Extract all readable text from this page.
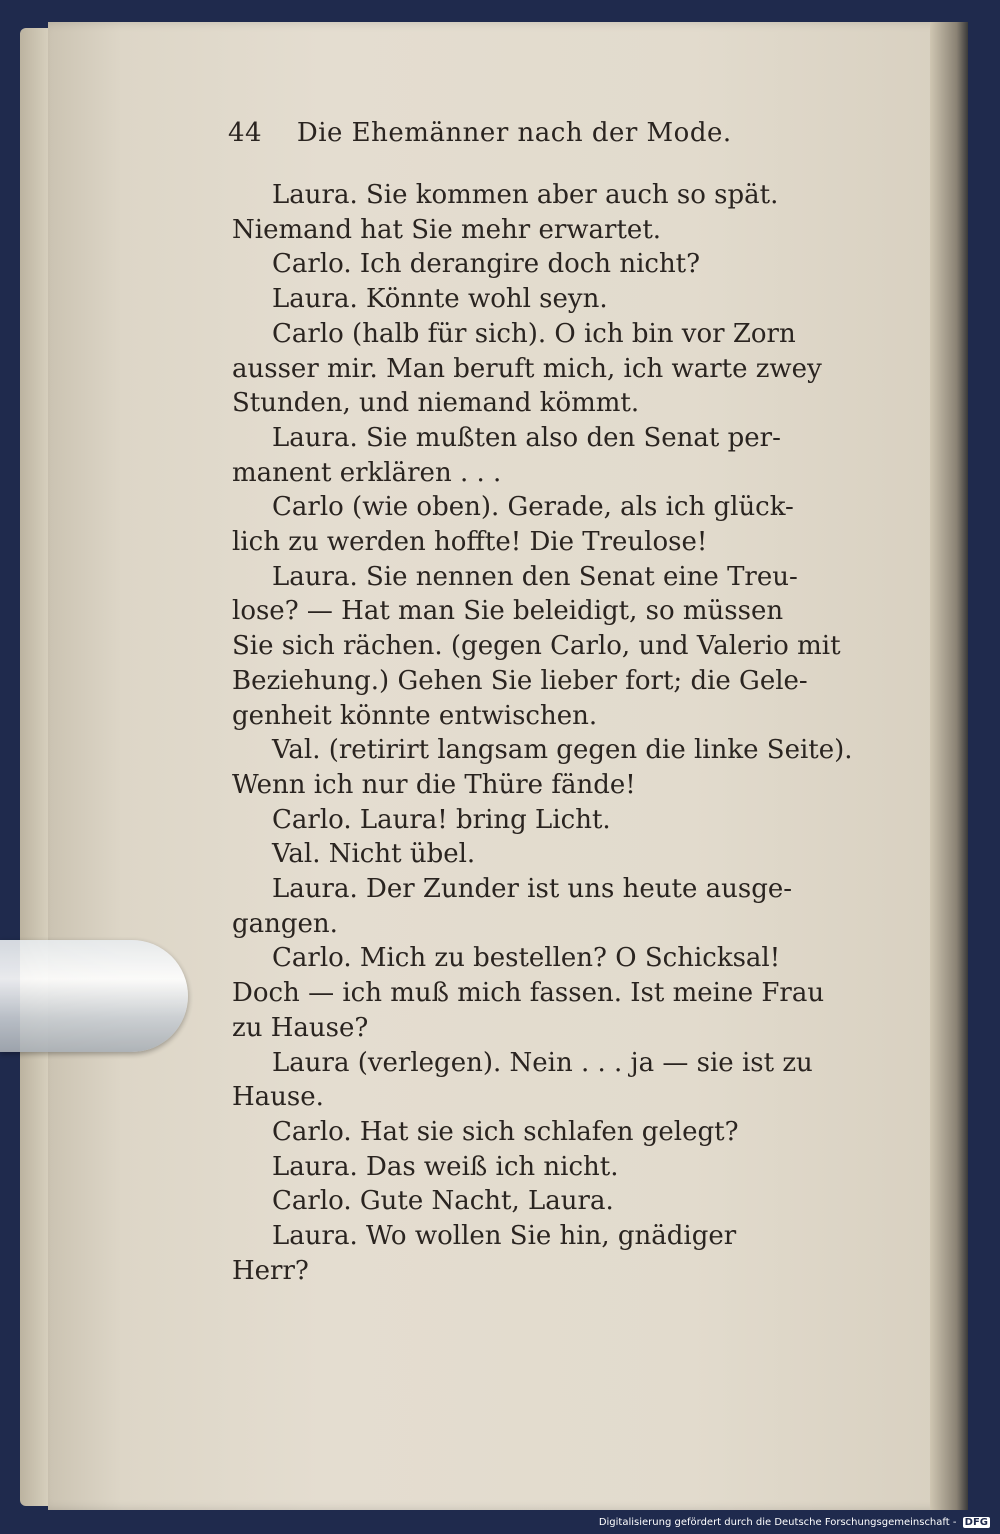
44 Die Ehemänner nach der Mode.
Laura. Sie kommen aber auch so spät.
Niemand hat Sie mehr erwartet.
Carlo. Ich derangire doch nicht?
Laura. Könnte wohl seyn.
Carlo (halb für sich). O ich bin vor Zorn
ausser mir. Man beruft mich, ich warte zwey
Stunden, und niemand kömmt.
Laura. Sie mußten also den Senat per-
manent erklären . . .
Carlo (wie oben). Gerade, als ich glück-
lich zu werden hoffte! Die Treulose!
Laura. Sie nennen den Senat eine Treu-
lose? — Hat man Sie beleidigt, so müssen
Sie sich rächen. (gegen Carlo, und Valerio mit
Beziehung.) Gehen Sie lieber fort; die Gele-
genheit könnte entwischen.
Val. (retirirt langsam gegen die linke Seite).
Wenn ich nur die Thüre fände!
Carlo. Laura! bring Licht.
Val. Nicht übel.
Laura. Der Zunder ist uns heute ausge-
gangen.
Carlo. Mich zu bestellen? O Schicksal!
Doch — ich muß mich fassen. Ist meine Frau
zu Hause?
Laura (verlegen). Nein . . . ja — sie ist zu
Hause.
Carlo. Hat sie sich schlafen gelegt?
Laura. Das weiß ich nicht.
Carlo. Gute Nacht, Laura.
Laura. Wo wollen Sie hin, gnädiger
Herr?
Digitalisierung gefördert durch die Deutsche Forschungsgemeinschaft - DFG
